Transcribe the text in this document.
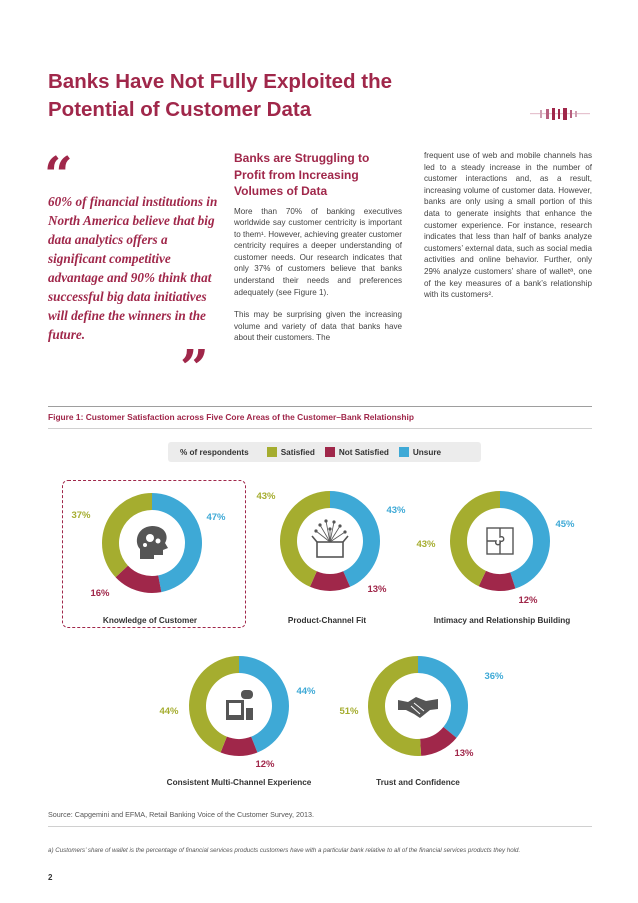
Banks Have Not Fully Exploited the Potential of Customer Data
“
60% of financial institutions in North America believe that big data analytics offers a significant competitive advantage and 90% think that successful big data initiatives will define the winners in the future.
”
Banks are Struggling to Profit from Increasing Volumes of Data

More than 70% of banking executives worldwide say customer centricity is important to them¹. However, achieving greater customer centricity requires a deeper understanding of customer needs. Our research indicates that only 37% of customers believe that banks understand their needs and preferences adequately (see Figure 1).

This may be surprising given the increasing volume and variety of data that banks have about their customers. The

frequent use of web and mobile channels has led to a steady increase in the number of customer interactions and, as a result, increasing volume of customer data. However, banks are only using a small portion of this data to generate insights that enhance the customer experience. For instance, research indicates that less than half of banks analyze customers’ external data, such as social media activities and online behavior. Further, only 29% analyze customers’ share of walletª, one of the key measures of a bank’s relationship with its customers².

Figure 1: Customer Satisfaction across Five Core Areas of the Customer–Bank Relationship
% of respondents	Satisfied	Not Satisfied	Unsure
37%
16%
47%
Knowledge of Customer
43%
13%
43%
Product-Channel Fit
43%
12%
45%
Intimacy and Relationship Building
44%
12%
44%
Consistent Multi-Channel Experience
51%
13%
36%
Trust and Confidence
Source: Capgemini and EFMA, Retail Banking Voice of the Customer Survey, 2013.
a) Customers’ share of wallet is the percentage of financial services products customers have with a particular bank relative to all of the financial services products they hold.
2
